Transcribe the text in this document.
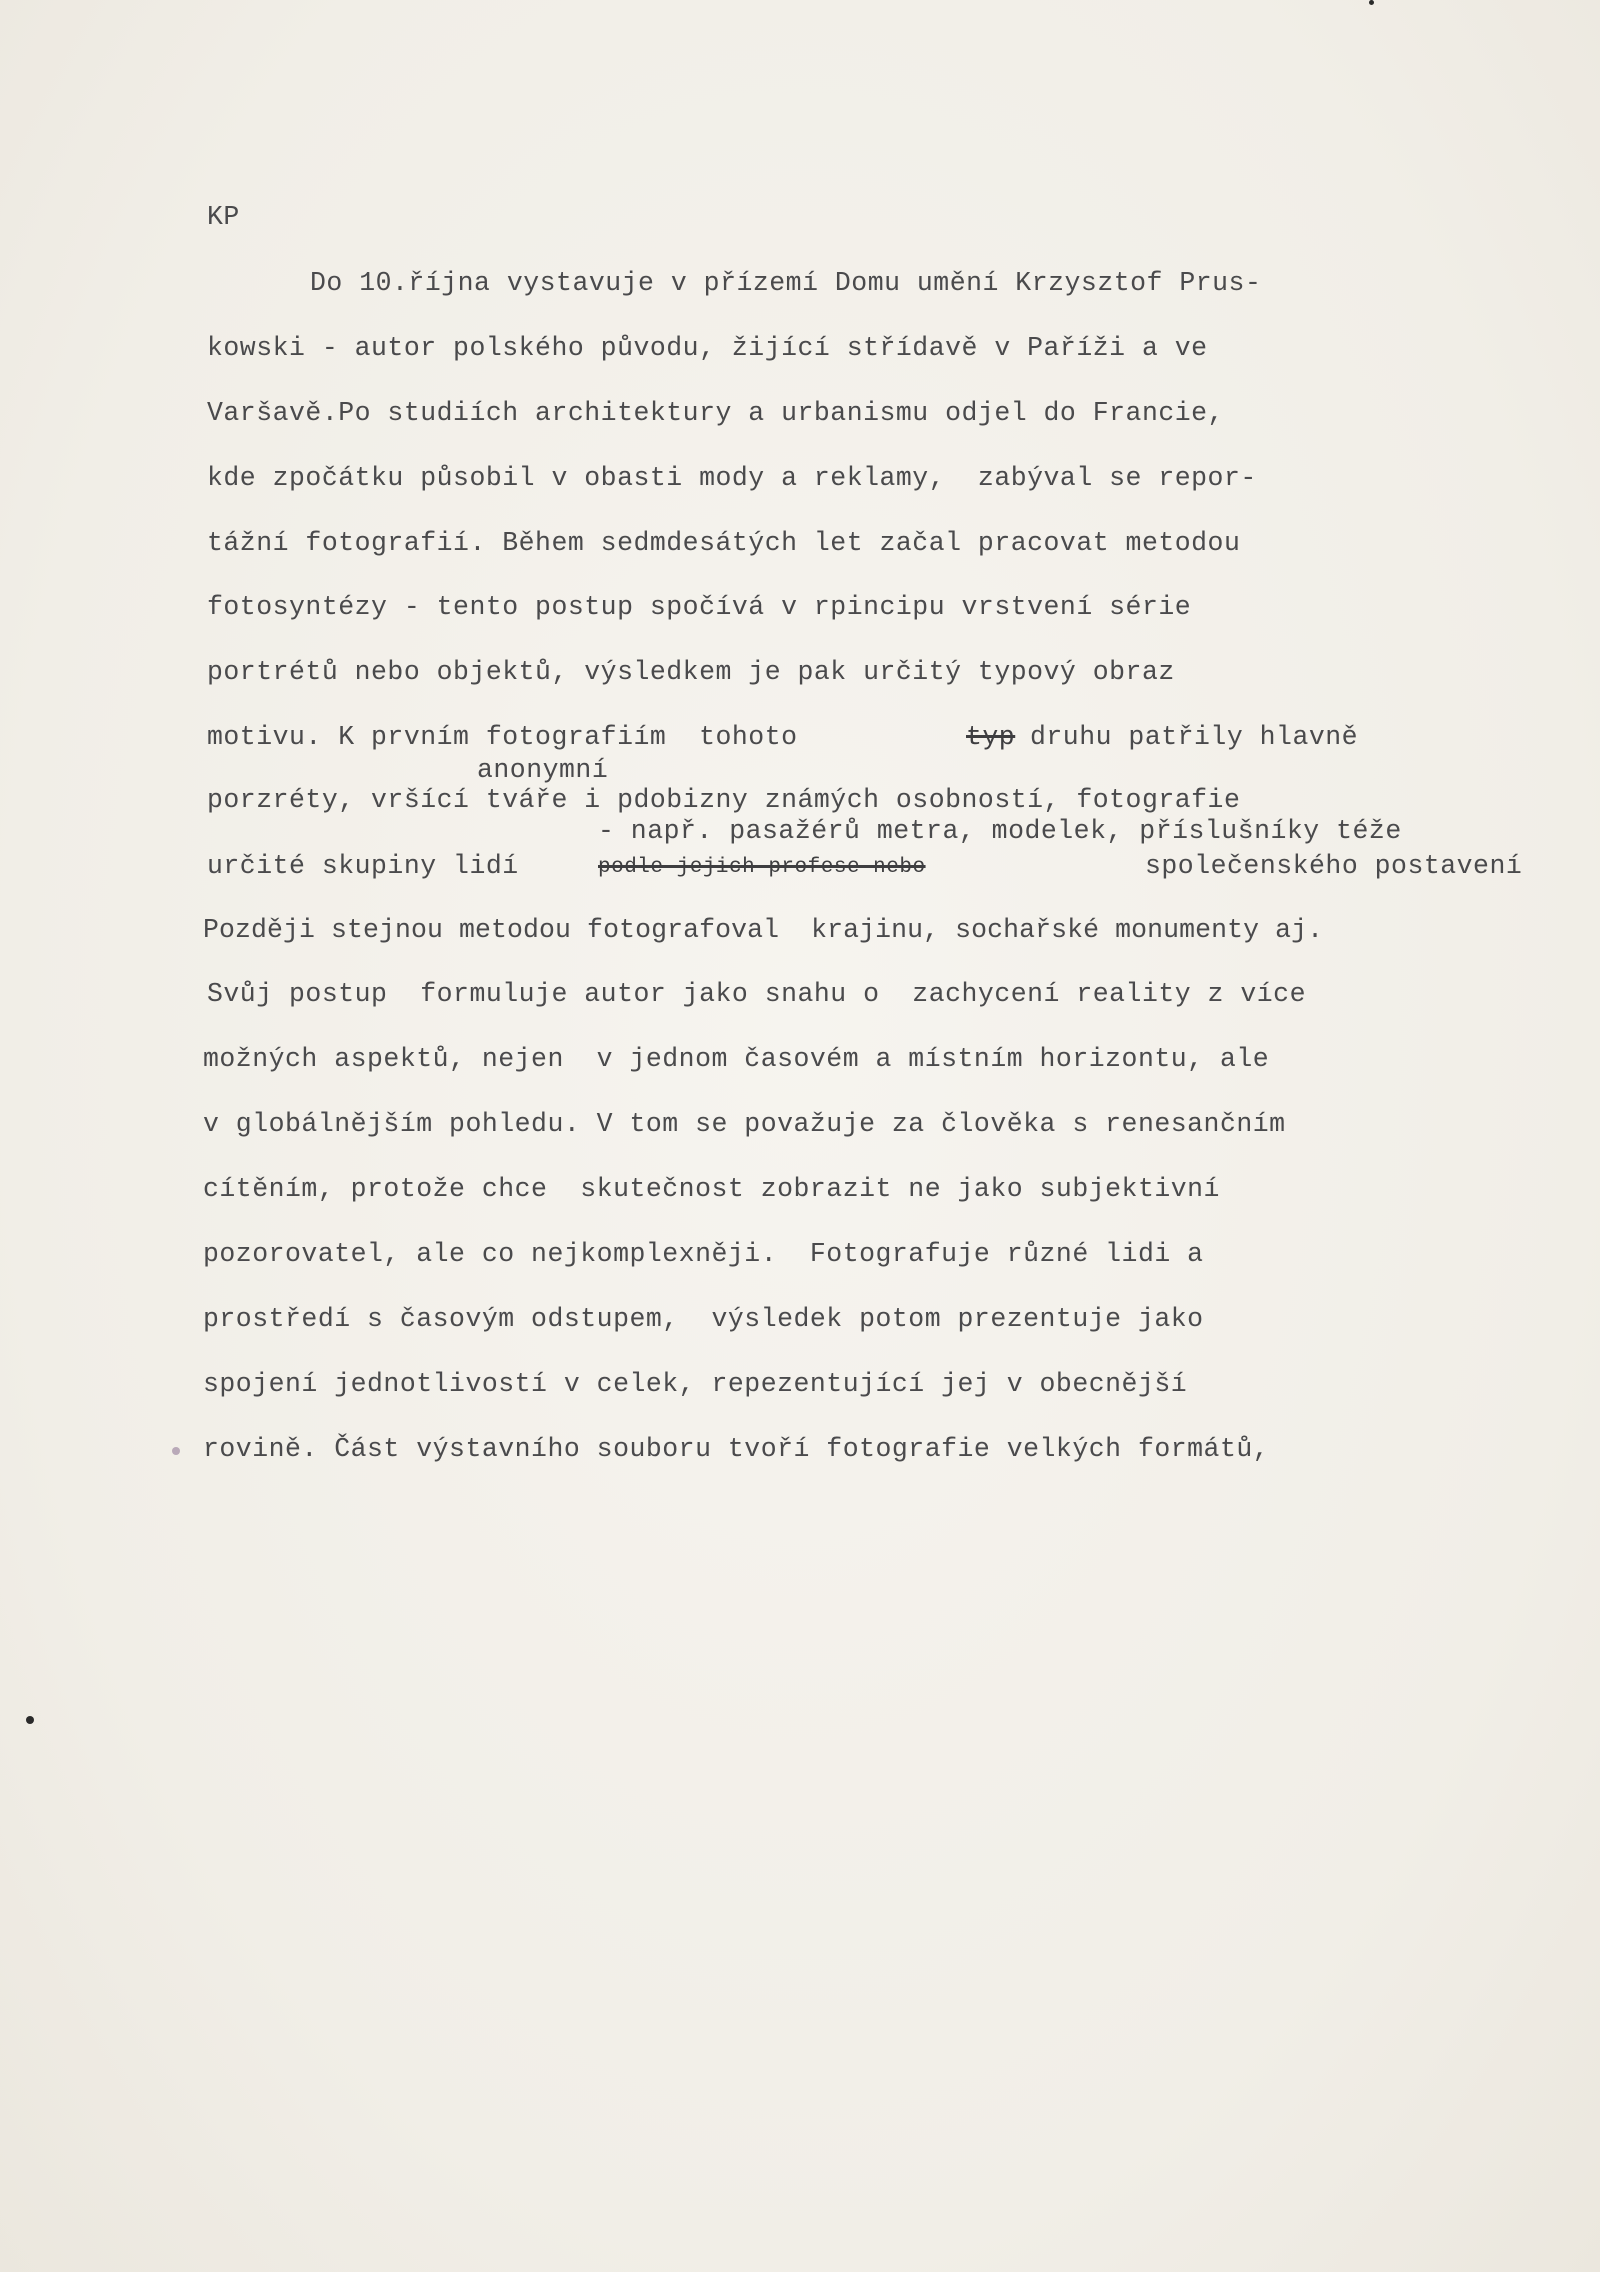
KP
Do 10.října vystavuje v přízemí Domu umění Krzysztof Prus-
kowski - autor polského původu, žijící střídavě v Paříži a ve
Varšavě.Po studiích architektury a urbanismu odjel do Francie,
kde zpočátku působil v obasti mody a reklamy,  zabýval se repor-
tážní fotografií. Během sedmdesátých let začal pracovat metodou
fotosyntézy - tento postup spočívá v rpincipu vrstvení série
portrétů nebo objektů, výsledkem je pak určitý typový obraz
motivu. K prvním fotografiím  tohoto	typ druhu patřily hlavně
anonymní
porzréty, vršící tváře i pdobizny známých osobností, fotografie
- např. pasažérů metra, modelek, příslušníky téže
určité skupiny lidí	podle jejich profese nebo	společenského postavení
Později stejnou metodou fotografoval  krajinu, sochařské monumenty aj.
Svůj postup  formuluje autor jako snahu o  zachycení reality z více
možných aspektů, nejen  v jednom časovém a místním horizontu, ale
v globálnějším pohledu. V tom se považuje za člověka s renesančním
cítěním, protože chce  skutečnost zobrazit ne jako subjektivní
pozorovatel, ale co nejkomplexněji.  Fotografuje různé lidi a
prostředí s časovým odstupem,  výsledek potom prezentuje jako
spojení jednotlivostí v celek, repezentující jej v obecnější
rovině. Část výstavního souboru tvoří fotografie velkých formátů,
